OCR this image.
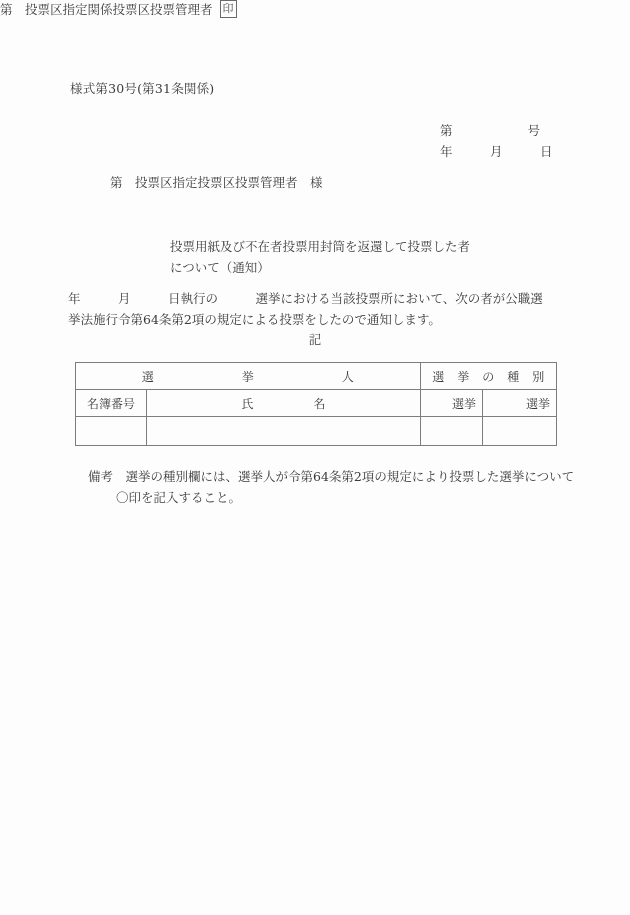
様式第30号(第31条関係)
第　　　　　　号
年　　　月　　　日
第　投票区指定投票区投票管理者　様
第　投票区指定関係投票区投票管理者 印
投票用紙及び不在者投票用封筒を返還して投票した者
について（通知）
年　　　月　　　日執行の　　　選挙における当該投票所において、次の者が公職選
挙法施行令第64条第2項の規定による投票をしたので通知します。
記
選　　　　　　　挙　　　　　　　人		選　挙　の　種　別	
名簿番号	氏　　　　　名	選挙	選挙

備考　選挙の種別欄には、選挙人が令第64条第2項の規定により投票した選挙について
〇印を記入すること。
